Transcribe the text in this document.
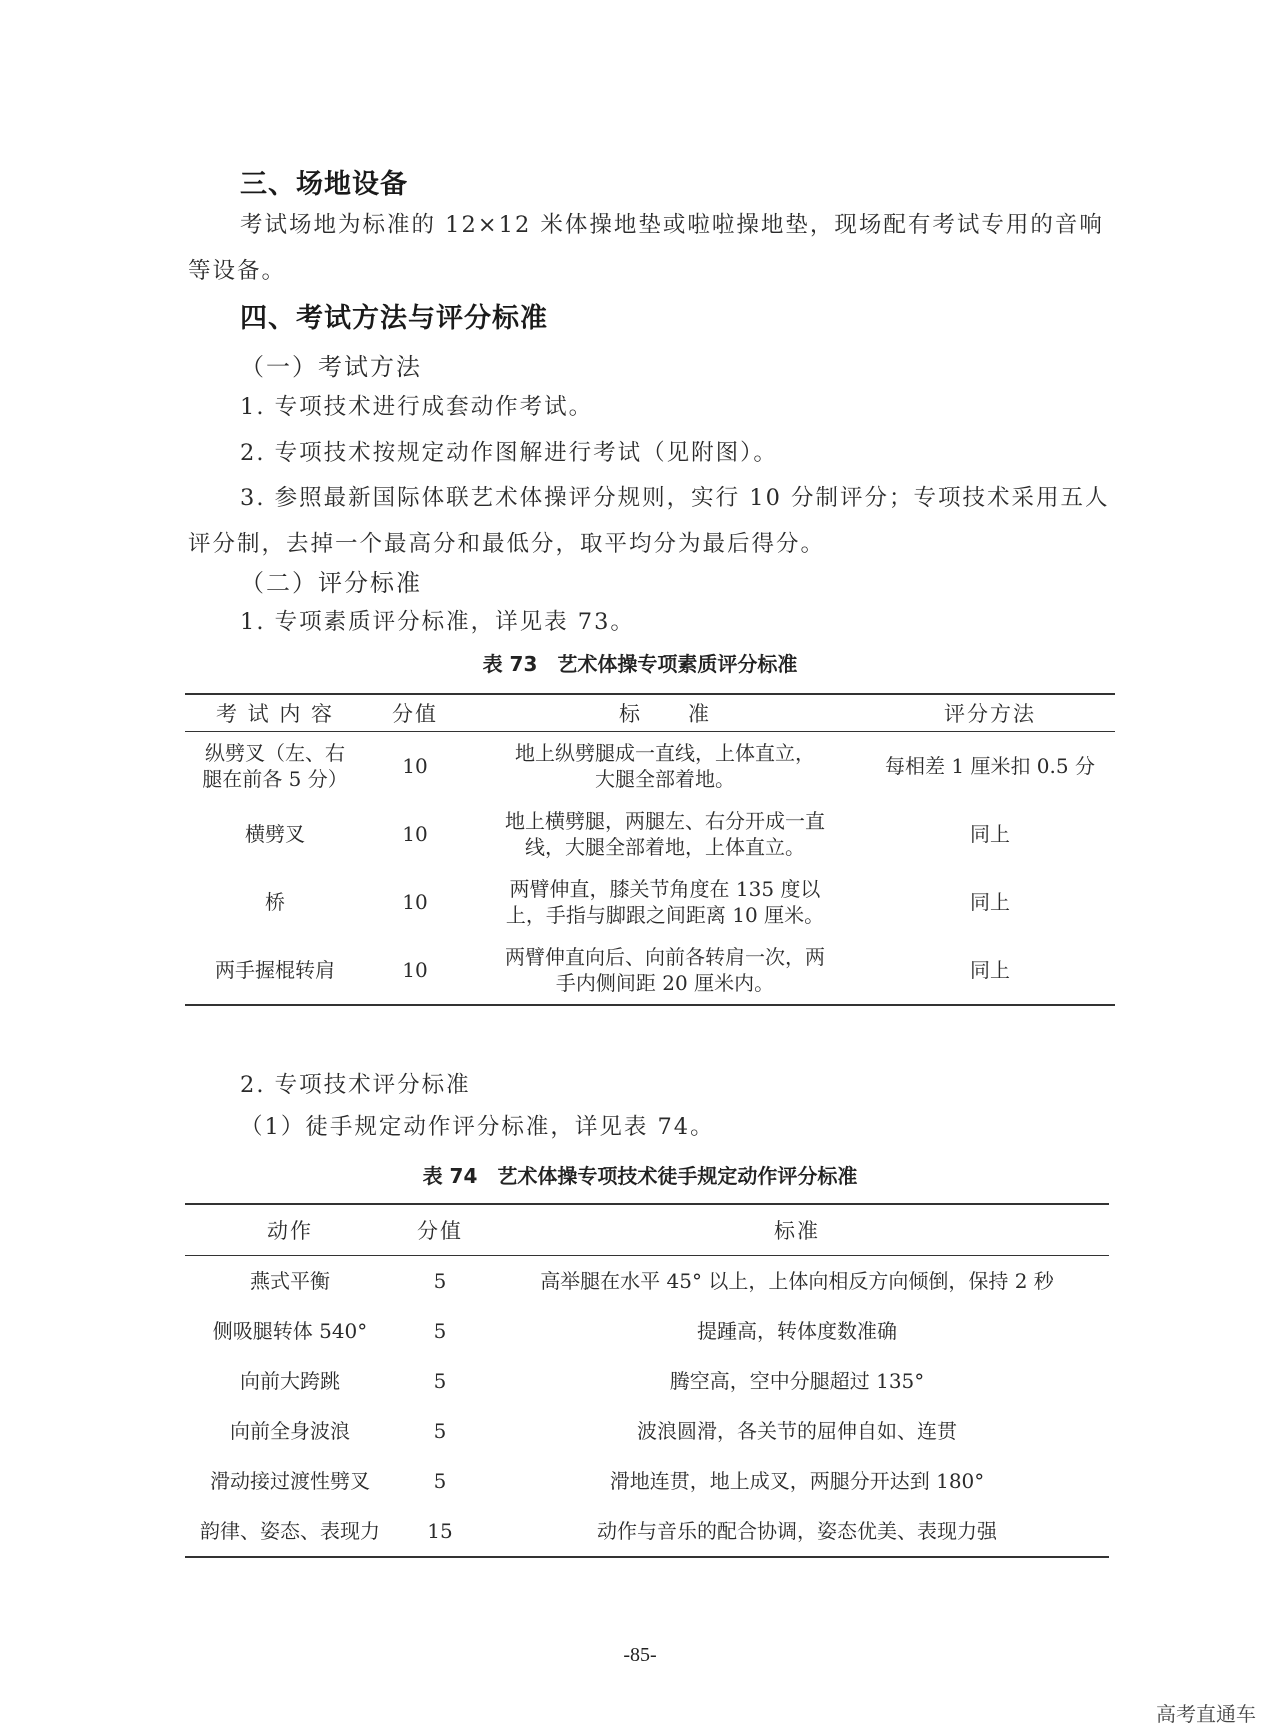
三、场地设备
考试场地为标准的 12×12 米体操地垫或啦啦操地垫，现场配有考试专用的音响等设备。
四、考试方法与评分标准
（一）考试方法
1. 专项技术进行成套动作考试。
2. 专项技术按规定动作图解进行考试（见附图）。
3. 参照最新国际体联艺术体操评分规则，实行 10 分制评分；专项技术采用五人评分制，去掉一个最高分和最低分，取平均分为最后得分。
（二）评分标准
1. 专项素质评分标准，详见表 73。
表 73　艺术体操专项素质评分标准
考 试 内 容	分值	标　　准	评分方法
纵劈叉（左、右腿在前各 5 分）	10	地上纵劈腿成一直线，上体直立，大腿全部着地。	每相差 1 厘米扣 0.5 分
横劈叉	10	地上横劈腿，两腿左、右分开成一直线，大腿全部着地，上体直立。	同上
桥	10	两臂伸直，膝关节角度在 135 度以上，手指与脚跟之间距离 10 厘米。	同上
两手握棍转肩	10	两臂伸直向后、向前各转肩一次，两手内侧间距 20 厘米内。	同上
2. 专项技术评分标准
（1）徒手规定动作评分标准，详见表 74。
表 74　艺术体操专项技术徒手规定动作评分标准
动作	分值	标准
燕式平衡	5	高举腿在水平 45° 以上，上体向相反方向倾倒，保持 2 秒
侧吸腿转体 540°	5	提踵高，转体度数准确
向前大跨跳	5	腾空高，空中分腿超过 135°
向前全身波浪	5	波浪圆滑，各关节的屈伸自如、连贯
滑动接过渡性劈叉	5	滑地连贯，地上成叉，两腿分开达到 180°
韵律、姿态、表现力	15	动作与音乐的配合协调，姿态优美、表现力强
-85-
高考直通车
